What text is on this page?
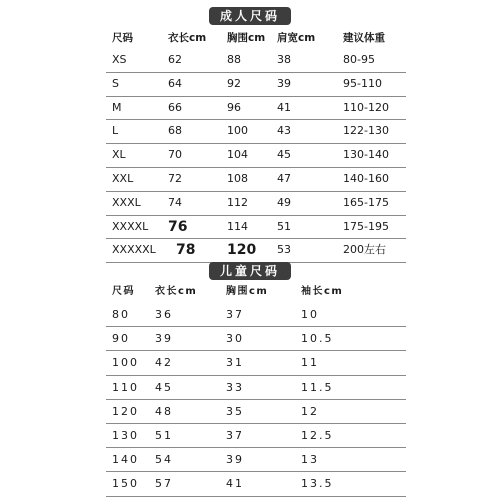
成人尺码
尺码	衣长cm 胸围cm 肩宽cm	建议体重
XS	62	88	38	80-95
S	64	92	39	95-110
M	66	96	41	110-120
L	68	100	43	122-130
XL	70	104	45	130-140
XXL	72	108	47	140-160
XXXL 74	112	49	165-175
XXXXL 76	114	51	175-195
XXXXXL 78 120 53	200左右
儿童尺码
尺码 衣长cm	胸围cm	袖长cm
80 36	37	10
90 39	30	10.5
100 42	31	11
110 45	33	11.5
120 48	35	12
130 51	37	12.5
140 54	39	13
150 57	41	13.5
